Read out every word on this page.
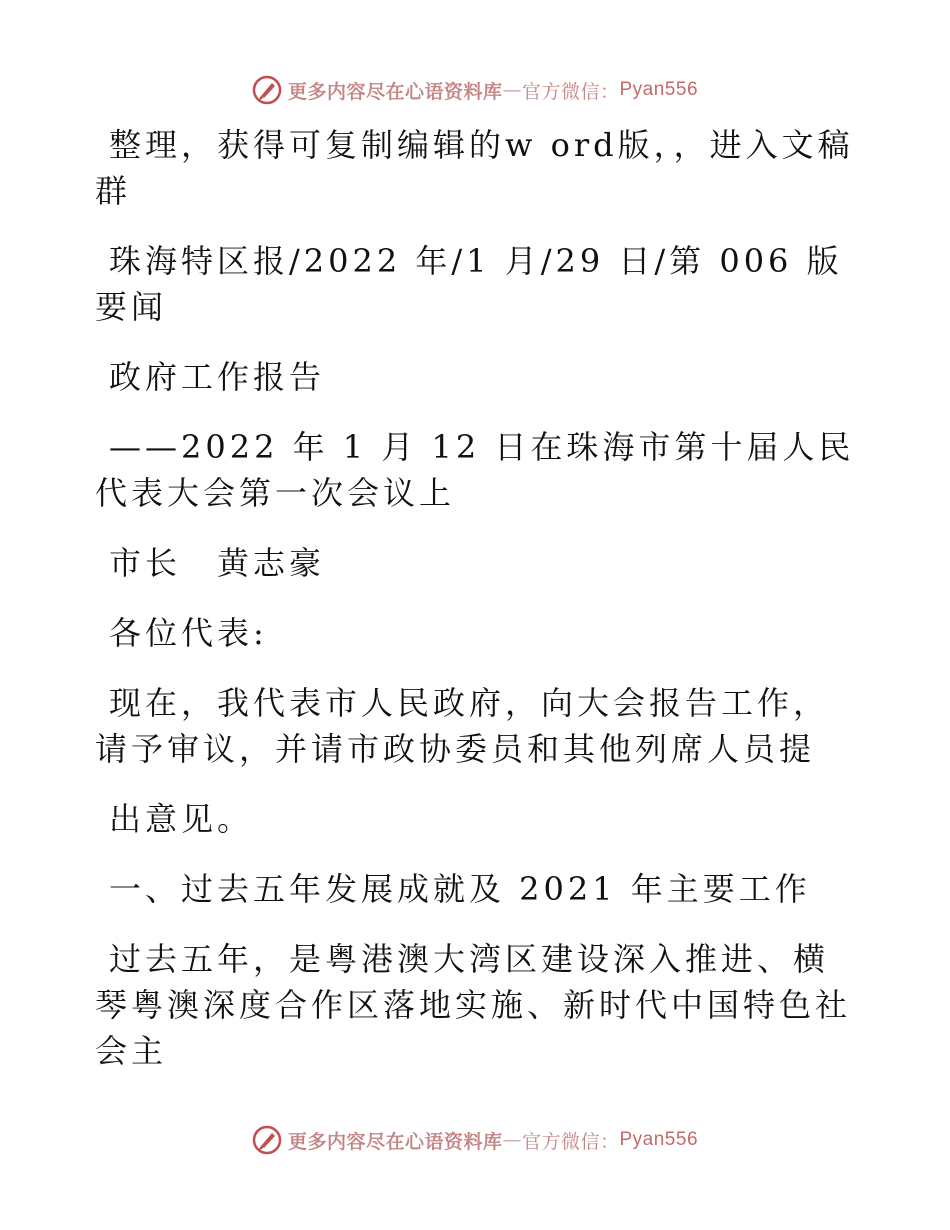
更多内容尽在心语资料库 — 官方微信： Pyan556

整理，获得可复制编辑的w ord版，，进入文稿群

珠海特区报/2022 年/1 月/29 日/第 006 版要闻

政府工作报告

——2022 年 1 月 12 日在珠海市第十届人民代表大会第一次会议上

市长　黄志豪

各位代表:

现在，我代表市人民政府，向大会报告工作，请予审议，并请市政协委员和其他列席人员提

出意见。

一、过去五年发展成就及 2021 年主要工作

过去五年，是粤港澳大湾区建设深入推进、横琴粤澳深度合作区落地实施、新时代中国特色社会主

更多内容尽在心语资料库 — 官方微信： Pyan556
